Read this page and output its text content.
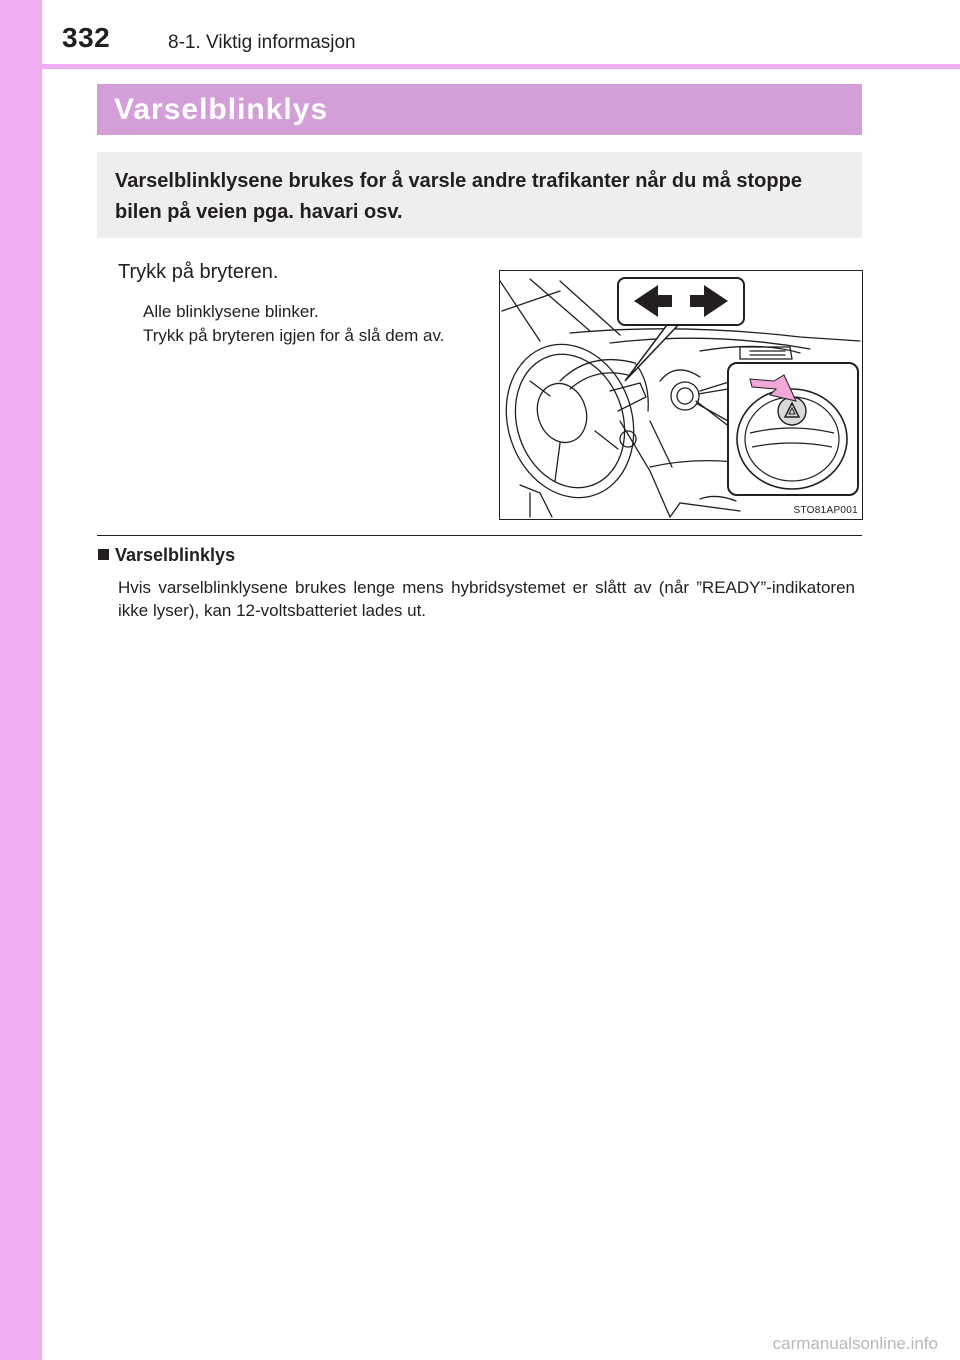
332	8-1. Viktig informasjon
Varselblinklys
Varselblinklysene brukes for å varsle andre trafikanter når du må stoppe bilen på veien pga. havari osv.
Trykk på bryteren.
Alle blinklysene blinker.
Trykk på bryteren igjen for å slå dem av.
STO81AP001
Varselblinklys
Hvis varselblinklysene brukes lenge mens hybridsystemet er slått av (når ”READY”-indikatoren ikke lyser), kan 12-voltsbatteriet lades ut.
carmanualsonline.info
